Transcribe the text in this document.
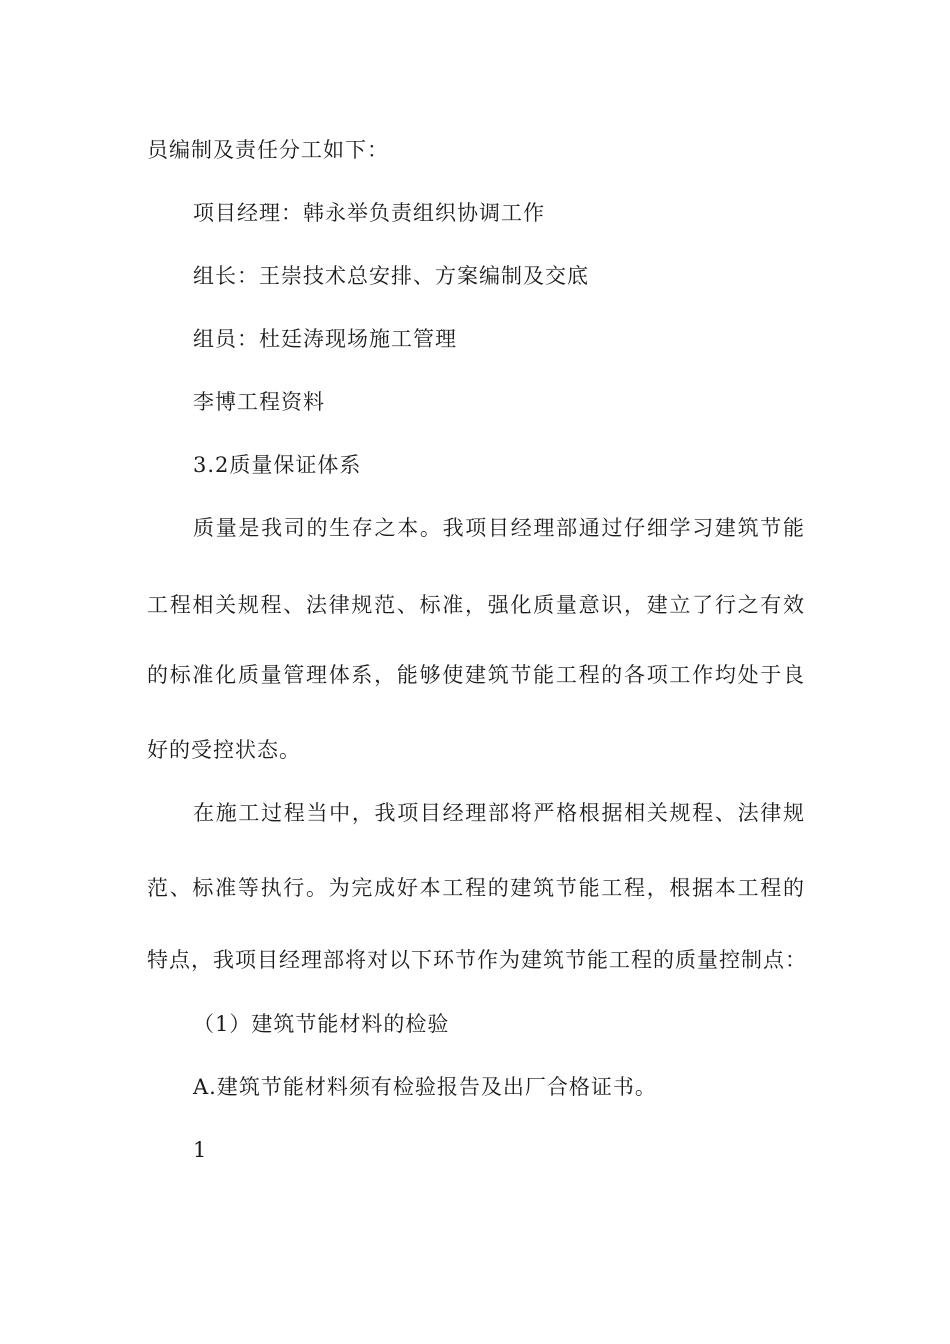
员编制及责任分工如下：
项目经理：韩永举负责组织协调工作
组长：王崇技术总安排、方案编制及交底
组员：杜廷涛现场施工管理
李博工程资料
3.2质量保证体系
质量是我司的生存之本。我项目经理部通过仔细学习建筑节能
工程相关规程、法律规范、标准，强化质量意识，建立了行之有效
的标准化质量管理体系，能够使建筑节能工程的各项工作均处于良
好的受控状态。
在施工过程当中，我项目经理部将严格根据相关规程、法律规
范、标准等执行。为完成好本工程的建筑节能工程，根据本工程的
特点，我项目经理部将对以下环节作为建筑节能工程的质量控制点：
（1）建筑节能材料的检验
A.建筑节能材料须有检验报告及出厂合格证书。
1
